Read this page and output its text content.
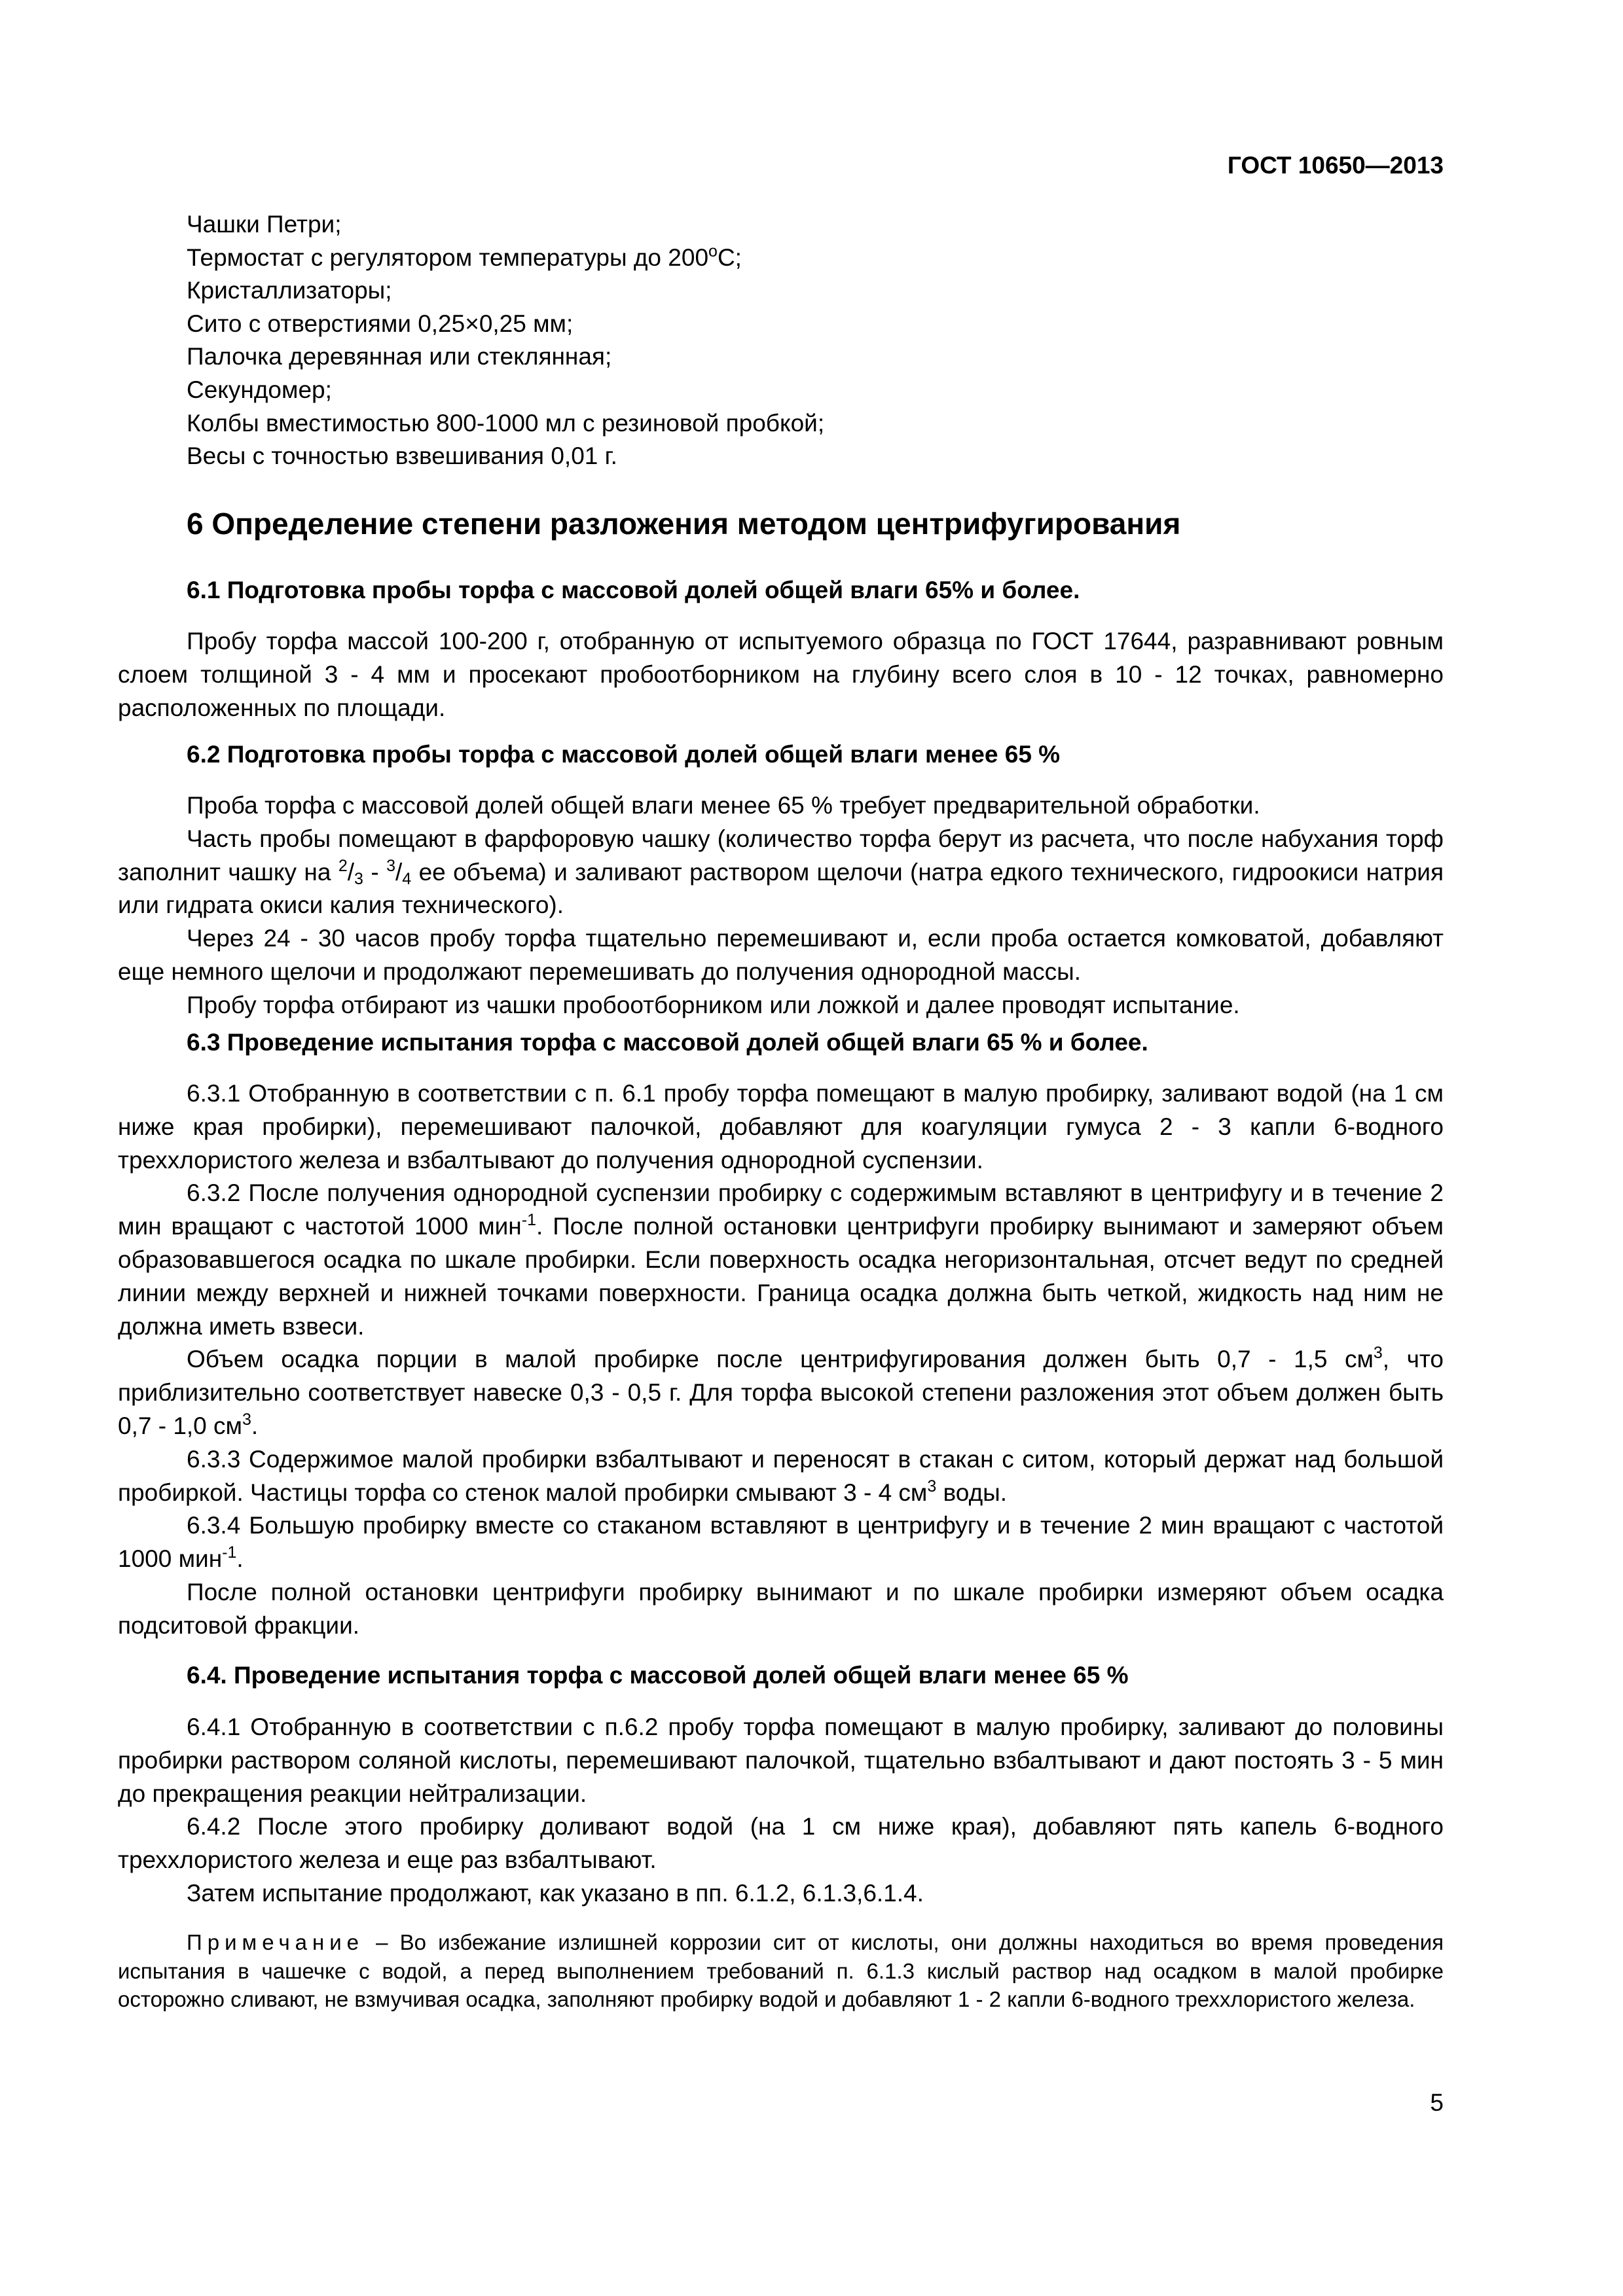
ГОСТ 10650—2013
Чашки Петри;
Термостат с регулятором температуры до $200^оС$;
Кристаллизаторы;
Сито с отверстиями 0,25×0,25 мм;
Палочка деревянная или стеклянная;
Секундомер;
Колбы вместимостью 800-1000 мл с резиновой пробкой;
Весы с точностью взвешивания 0,01 г.
6 Определение степени разложения методом центрифугирования
6.1 Подготовка пробы торфа с массовой долей общей влаги 65% и более.

Пробу торфа массой 100-200 г, отобранную от испытуемого образца по ГОСТ 17644, разравнивают ровным слоем толщиной 3 - 4 мм и просекают пробоотборником на глубину всего слоя в 10 - 12 точках, равномерно расположенных по площади.

6.2 Подготовка пробы торфа с массовой долей общей влаги менее 65 %

Проба торфа с массовой долей общей влаги менее 65 % требует предварительной обработки.

Часть пробы помещают в фарфоровую чашку (количество торфа берут из расчета, что после набухания торф заполнит чашку на $^2/_3 - ^3/_4$ ее объема) и заливают раствором щелочи (натра едкого технического, гидроокиси натрия или гидрата окиси калия технического).

Через 24 - 30 часов пробу торфа тщательно перемешивают и, если проба остается комковатой, добавляют еще немного щелочи и продолжают перемешивать до получения однородной массы.

Пробу торфа отбирают из чашки пробоотборником или ложкой и далее проводят испытание.

6.3 Проведение испытания торфа с массовой долей общей влаги 65 % и более.

6.3.1 Отобранную в соответствии с п. 6.1 пробу торфа помещают в малую пробирку, заливают водой (на 1 см ниже края пробирки), перемешивают палочкой, добавляют для коагуляции гумуса 2 - 3 капли 6-водного треххлористого железа и взбалтывают до получения однородной суспензии.

6.3.2 После получения однородной суспензии пробирку с содержимым вставляют в центрифугу и в течение 2 мин вращают с частотой 1000 мин$^{-1}$. После полной остановки центрифуги пробирку вынимают и замеряют объем образовавшегося осадка по шкале пробирки. Если поверхность осадка негоризонтальная, отсчет ведут по средней линии между верхней и нижней точками поверхности. Граница осадка должна быть четкой, жидкость над ним не должна иметь взвеси.

Объем осадка порции в малой пробирке после центрифугирования должен быть 0,7 - 1,5 $см^3$, что приблизительно соответствует навеске 0,3 - 0,5 г. Для торфа высокой степени разложения этот объем должен быть 0,7 - 1,0 $см^3$.

6.3.3 Содержимое малой пробирки взбалтывают и переносят в стакан с ситом, который держат над большой пробиркой. Частицы торфа со стенок малой пробирки смывают 3 - 4 $см^3$ воды.

6.3.4 Большую пробирку вместе со стаканом вставляют в центрифугу и в течение 2 мин вращают с частотой 1000 мин$^{-1}$.

После полной остановки центрифуги пробирку вынимают и по шкале пробирки измеряют объем осадка подситовой фракции.

6.4. Проведение испытания торфа с массовой долей общей влаги менее 65 %

6.4.1 Отобранную в соответствии с п.6.2 пробу торфа помещают в малую пробирку, заливают до половины пробирки раствором соляной кислоты, перемешивают палочкой, тщательно взбалтывают и дают постоять 3 - 5 мин до прекращения реакции нейтрализации.

6.4.2 После этого пробирку доливают водой (на 1 см ниже края), добавляют пять капель 6-водного треххлористого железа и еще раз взбалтывают.

Затем испытание продолжают, как указано в пп. 6.1.2, 6.1.3,6.1.4.

Примечание – Во избежание излишней коррозии сит от кислоты, они должны находиться во время проведения испытания в чашечке с водой, а перед выполнением требований п. 6.1.3 кислый раствор над осадком в малой пробирке осторожно сливают, не взмучивая осадка, заполняют пробирку водой и добавляют 1 - 2 капли 6-водного треххлористого железа.

5
